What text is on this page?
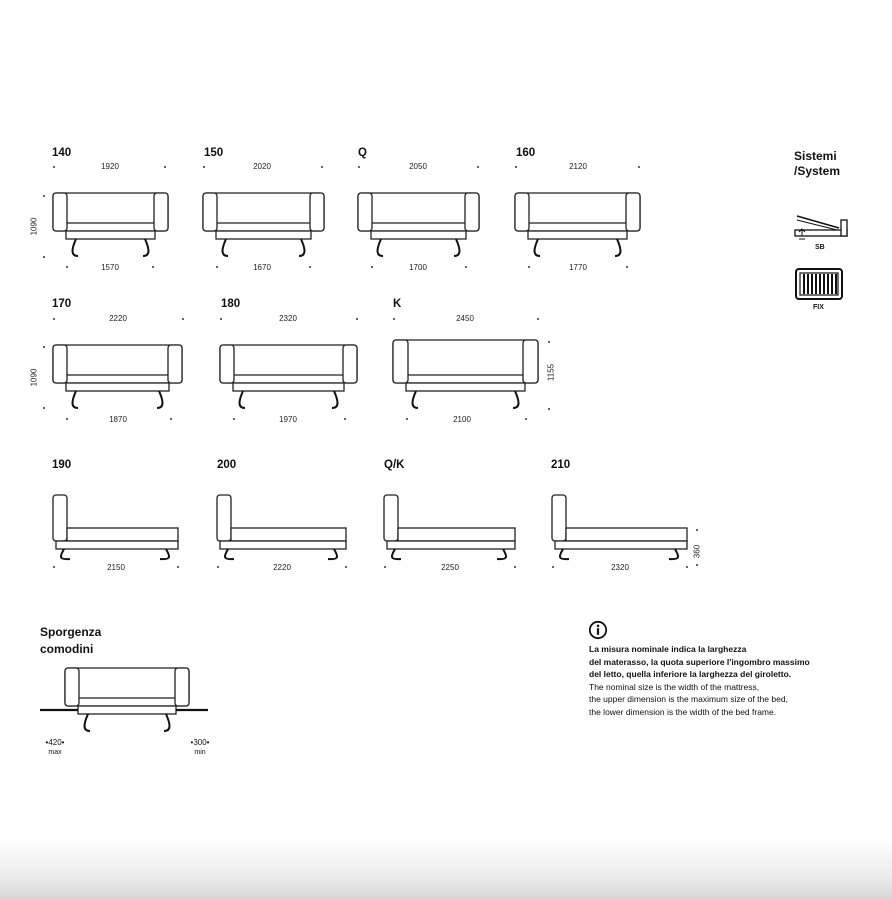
140
1920
1570
1090
150
2020
1670
Q
2050
1700
160
2120
1770
170
2220
1870
1090
180
2320
1970
K
2450
2100
1155
190
2150
200
2220
Q/K
2250
210
2320
360
Sistemi
/System
SB
FIX
Sporgenza
comodini
•420•
max
•300•
min
La misura nominale indica la larghezza
del materasso, la quota superiore l'ingombro massimo
del letto, quella inferiore la larghezza del giroletto.
The nominal size is the width of the mattress,
the upper dimension is the maximum size of the bed,
the lower dimension is the width of the bed frame.
